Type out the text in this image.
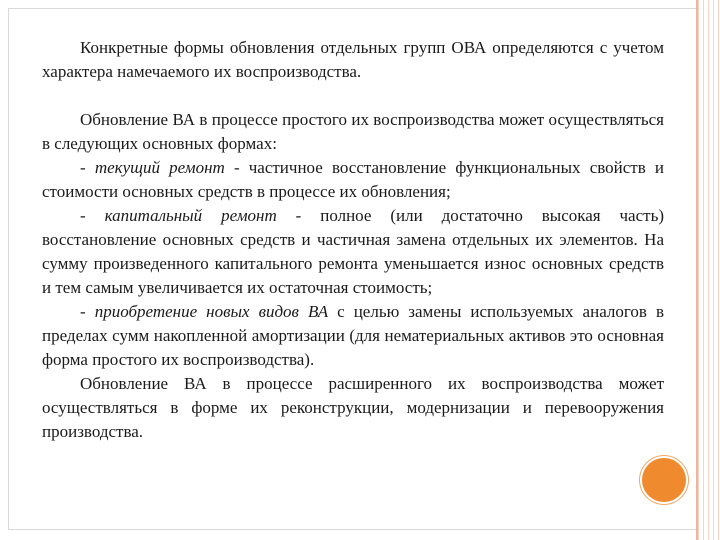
Конкретные формы обновления отдельных групп ОВА определяются с учетом характера намечаемого их воспроизводства.

Обновление ВА в процессе простого их воспроизводства может осуществляться в следующих основных формах:

- текущий ремонт - частичное восстановление функциональных свойств и стоимости основных средств в процессе их обновления;

- капитальный ремонт - полное (или достаточно высокая часть) восстановление основных средств и частичная замена отдельных их элементов. На сумму произведенного капитального ремонта уменьшается износ основных средств и тем самым увеличивается их остаточная стоимость;

- приобретение новых видов ВА с целью замены используемых аналогов в пределах сумм накопленной амортизации (для нематериальных активов это основная форма простого их воспроизводства).

Обновление ВА в процессе расширенного их воспроизводства может осуществляться в форме их реконструкции, модернизации и перевооружения производства.
